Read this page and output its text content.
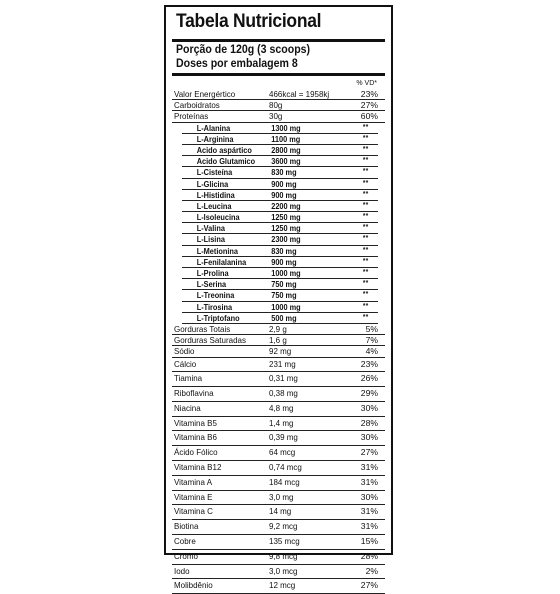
Tabela Nutricional
Porção de 120g (3 scoops)
Doses por embalagem 8
% VD*
Valor Energértico	466kcal = 1958kj	23%
Carboidratos	80g	27%
Proteínas	30g	60%
L-Alanina	1300 mg	**
L-Arginina	1100 mg	**
Acido aspártico 2800 mg	**
Acido Glutamico 3600 mg	**
L-Cisteína	830 mg	**
L-Glicina	900 mg	**
L-Histidina	900 mg	**
L-Leucina	2200 mg	**
L-Isoleucina	1250 mg	**
L-Valina	1250 mg	**
L-Lisina	2300 mg	**
L-Metionina	830 mg	**
L-Fenilalanina	900 mg	**
L-Prolina	1000 mg	**
L-Serina	750 mg	**
L-Treonina	750 mg	**
L-Tirosina	1000 mg	**
L-Triptofano	500 mg	**
Gorduras Totais	2,9 g	5%
Gorduras Saturadas	1,6 g	7%
Sódio	92 mg	4%
Cálcio	231 mg	23%
Tiamina	0,31 mg	26%
Riboflavina	0,38 mg	29%
Niacina	4,8 mg	30%
Vitamina B5	1,4 mg	28%
Vitamina B6	0,39 mg	30%
Ácido Fólico	64 mcg	27%
Vitamina B12	0,74 mcg	31%
Vitamina A	184 mcg	31%
Vitamina E	3,0 mg	30%
Vitamina C	14 mg	31%
Biotina	9,2 mcg	31%
Cobre	135 mcg	15%
Cromo	9,8 mcg	28%
Iodo	3,0 mcg	2%
Molibdênio	12 mcg	27%
